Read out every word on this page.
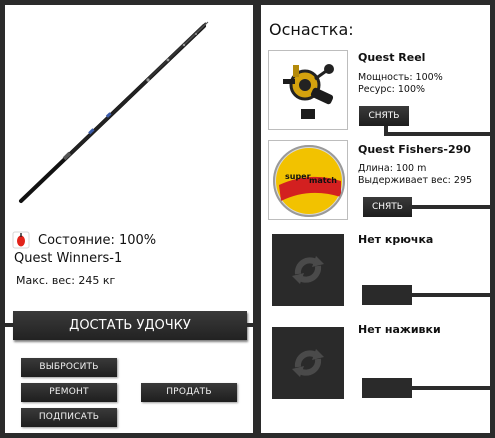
Состояние: 100%
Quest Winners-1
Макс. вес: 245 кг
ДОСТАТЬ УДОЧКУ
ВЫБРОСИТЬ
РЕМОНТ	ПРОДАТЬ
ПОДПИСАТЬ
Оснастка:
Quest Reel
Мощность: 100%
Ресурс: 100%
СНЯТЬ
super
match
Quest Fishers-290
Длина: 100 m
Выдерживает вес: 295
СНЯТЬ
Нет крючка
Нет наживки
